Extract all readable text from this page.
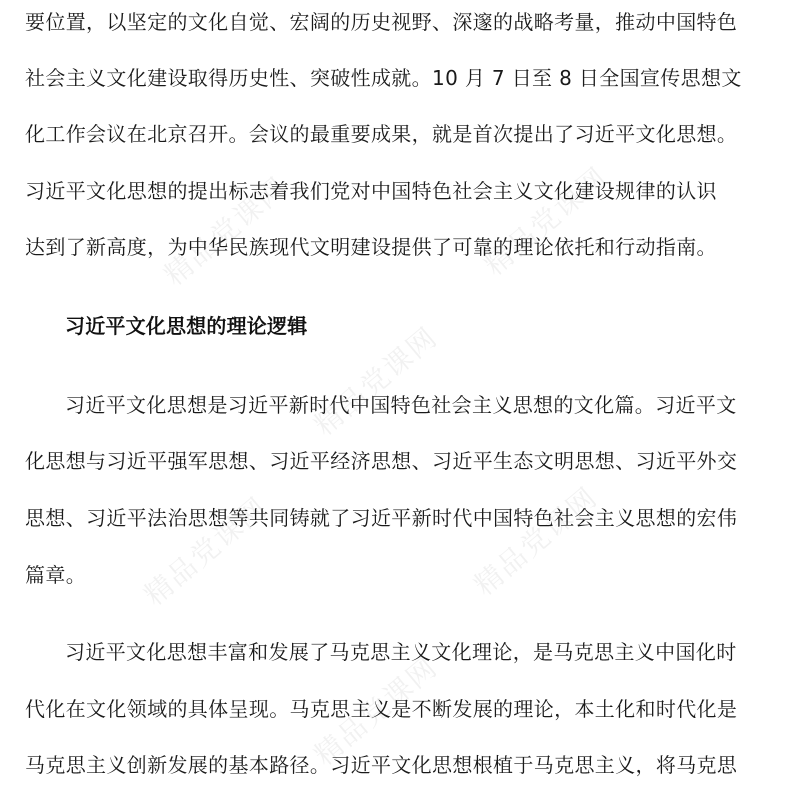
精品党课网	精品党课网
精品党课网
精品党课网	精品党课网
精品党课网
要位置，以坚定的文化自觉、宏阔的历史视野、深邃的战略考量，推动中国特色
社会主义文化建设取得历史性、突破性成就。10 月 7 日至 8 日全国宣传思想文
化工作会议在北京召开。会议的最重要成果，就是首次提出了习近平文化思想。
习近平文化思想的提出标志着我们党对中国特色社会主义文化建设规律的认识
达到了新高度，为中华民族现代文明建设提供了可靠的理论依托和行动指南。
习近平文化思想的理论逻辑
习近平文化思想是习近平新时代中国特色社会主义思想的文化篇。习近平文
化思想与习近平强军思想、习近平经济思想、习近平生态文明思想、习近平外交
思想、习近平法治思想等共同铸就了习近平新时代中国特色社会主义思想的宏伟
篇章。
习近平文化思想丰富和发展了马克思主义文化理论，是马克思主义中国化时
代化在文化领域的具体呈现。马克思主义是不断发展的理论，本土化和时代化是
马克思主义创新发展的基本路径。习近平文化思想根植于马克思主义，将马克思
